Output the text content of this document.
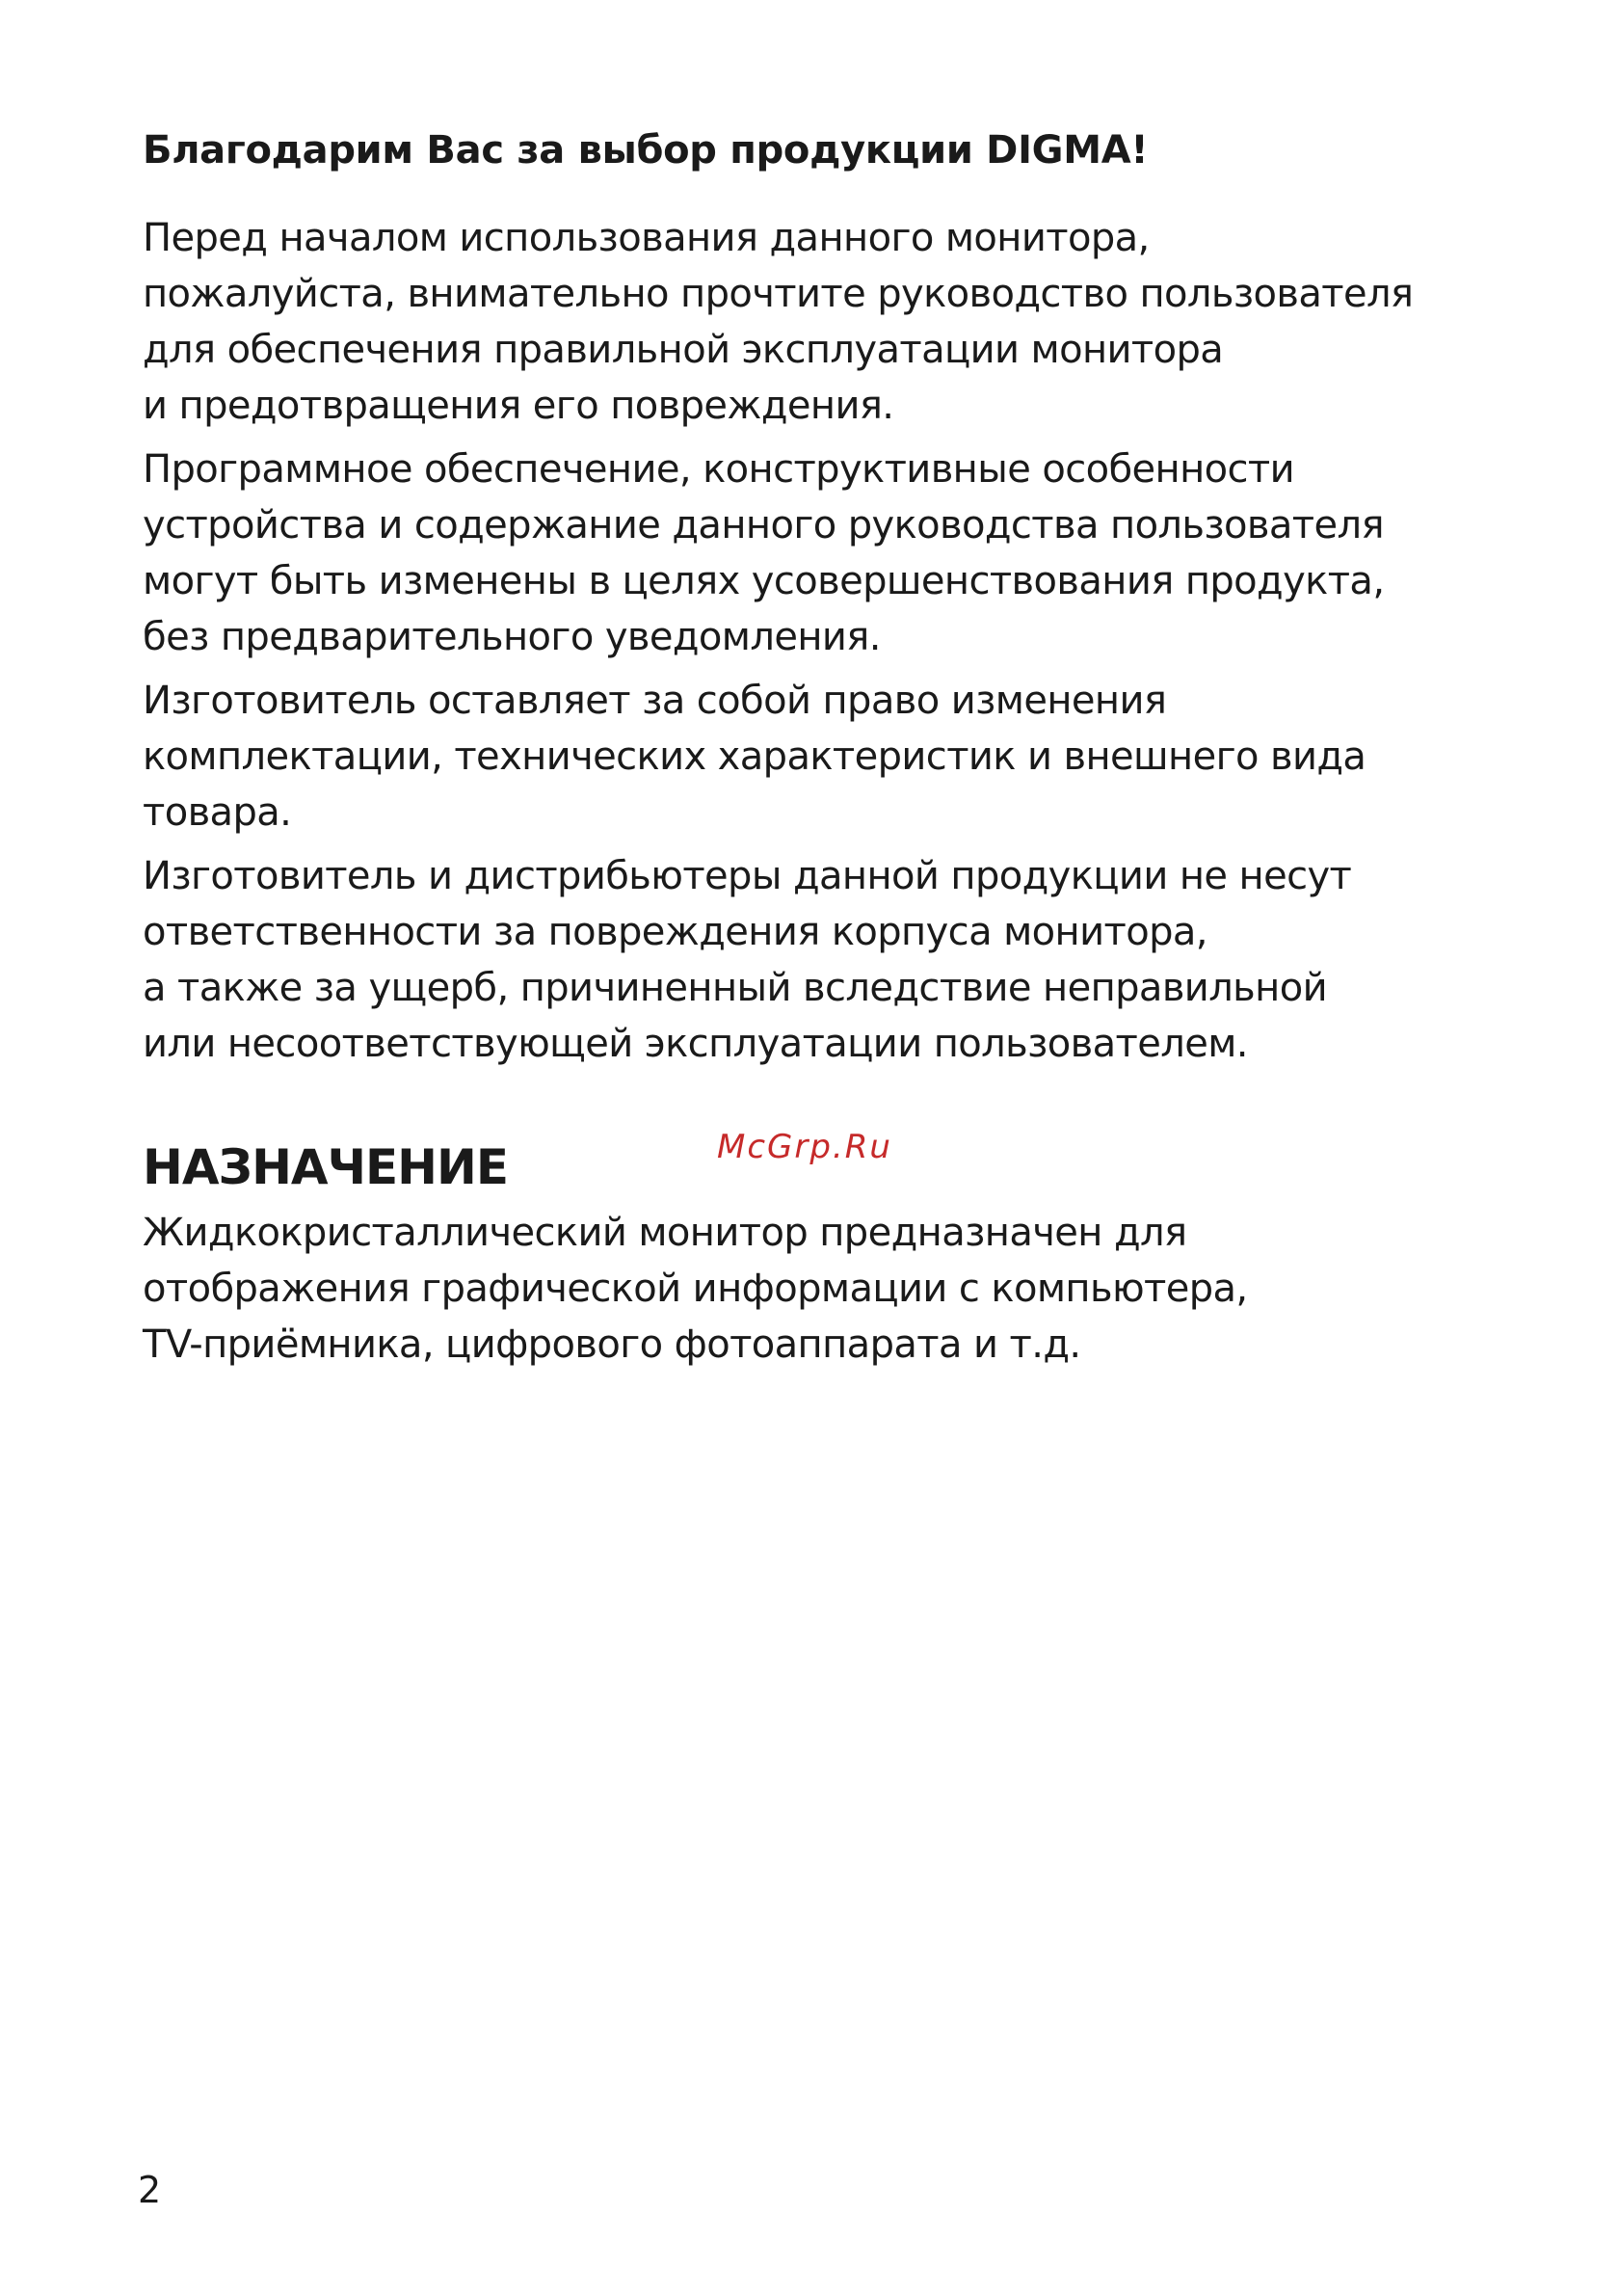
Благодарим Вас за выбор продукции DIGMA!
Перед началом использования данного монитора,
пожалуйста, внимательно прочтите руководство пользователя
для обеспечения правильной эксплуатации монитора
и предотвращения его повреждения.
Программное обеспечение, конструктивные особенности
устройства и содержание данного руководства пользователя
могут быть изменены в целях усовершенствования продукта,
без предварительного уведомления.
Изготовитель оставляет за собой право изменения
комплектации, технических характеристик и внешнего вида
товара.
Изготовитель и дистрибьютеры данной продукции не несут
ответственности за повреждения корпуса монитора,
а также за ущерб, причиненный вследствие неправильной
или несоответствующей эксплуатации пользователем.
НАЗНАЧЕНИЕ
Жидкокристаллический монитор предназначен для
отображения графической информации с компьютера,
TV-приёмника, цифрового фотоаппарата и т.д.
McGrp.Ru
2
